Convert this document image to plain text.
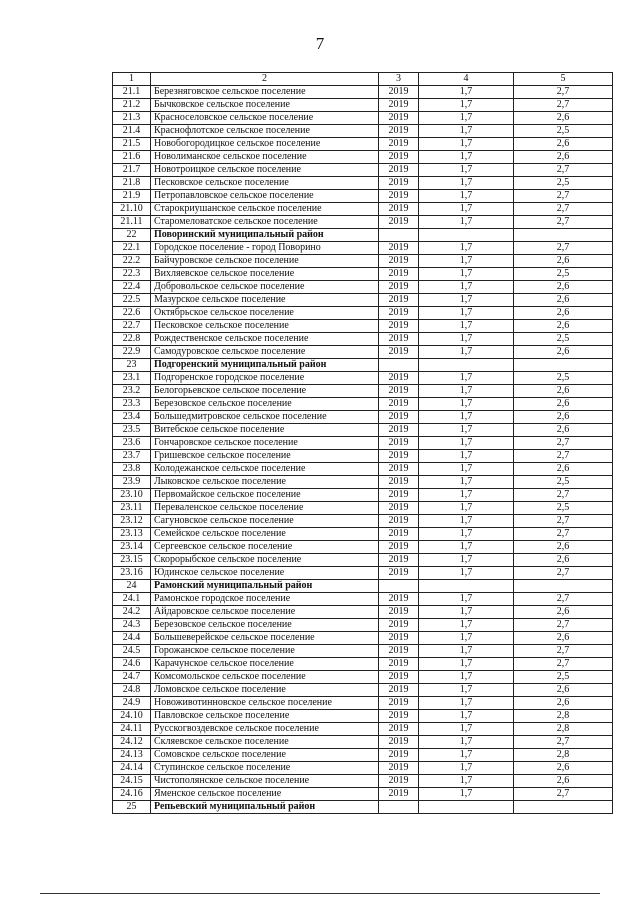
7
1	2	3	4	5
21.1	Березняговское сельское поселение	2019	1,7	2,7
21.2	Бычковское сельское поселение	2019	1,7	2,7
21.3	Красноселовское сельское поселение	2019	1,7	2,6
21.4	Краснофлотское сельское поселение	2019	1,7	2,5
21.5	Новобогородицкое сельское поселение	2019	1,7	2,6
21.6	Новолиманское сельское поселение	2019	1,7	2,6
21.7	Новотроицкое сельское поселение	2019	1,7	2,7
21.8	Песковское сельское поселение	2019	1,7	2,5
21.9	Петропавловское сельское поселение	2019	1,7	2,7
21.10	Старокриушанское сельское поселение	2019	1,7	2,7
21.11	Старомеловатское сельское поселение	2019	1,7	2,7
22	Поворинский муниципальный район			
22.1	Городское поселение - город Поворино	2019	1,7	2,7
22.2	Байчуровское сельское поселение	2019	1,7	2,6
22.3	Вихляевское сельское поселение	2019	1,7	2,5
22.4	Добровольское сельское поселение	2019	1,7	2,6
22.5	Мазурское сельское поселение	2019	1,7	2,6
22.6	Октябрьское сельское поселение	2019	1,7	2,6
22.7	Песковское сельское поселение	2019	1,7	2,6
22.8	Рождественское сельское поселение	2019	1,7	2,5
22.9	Самодуровское сельское поселение	2019	1,7	2,6
23	Подгоренский муниципальный район			
23.1	Подгоренское городское поселение	2019	1,7	2,5
23.2	Белогорьевское сельское поселение	2019	1,7	2,6
23.3	Березовское сельское поселение	2019	1,7	2,6
23.4	Большедмитровское сельское поселение	2019	1,7	2,6
23.5	Витебское сельское поселение	2019	1,7	2,6
23.6	Гончаровское сельское поселение	2019	1,7	2,7
23.7	Гришевское сельское поселение	2019	1,7	2,7
23.8	Колодежанское сельское поселение	2019	1,7	2,6
23.9	Лыковское сельское поселение	2019	1,7	2,5
23.10	Первомайское сельское поселение	2019	1,7	2,7
23.11	Переваленское сельское поселение	2019	1,7	2,5
23.12	Сагуновское сельское поселение	2019	1,7	2,7
23.13	Семейское сельское поселение	2019	1,7	2,7
23.14	Сергеевское сельское поселение	2019	1,7	2,6
23.15	Скорорыбское сельское поселение	2019	1,7	2,6
23.16	Юдинское сельское поселение	2019	1,7	2,7
24	Рамонский муниципальный район			
24.1	Рамонское городское поселение	2019	1,7	2,7
24.2	Айдаровское сельское поселение	2019	1,7	2,6
24.3	Березовское сельское поселение	2019	1,7	2,7
24.4	Большеверейское сельское поселение	2019	1,7	2,6
24.5	Горожанское сельское поселение	2019	1,7	2,7
24.6	Карачунское сельское поселение	2019	1,7	2,7
24.7	Комсомольское сельское поселение	2019	1,7	2,5
24.8	Ломовское сельское поселение	2019	1,7	2,6
24.9	Новоживотинновское сельское поселение	2019	1,7	2,6
24.10	Павловское сельское поселение	2019	1,7	2,8
24.11	Русскогвоздевское сельское поселение	2019	1,7	2,8
24.12	Скляевское сельское поселение	2019	1,7	2,7
24.13	Сомовское сельское поселение	2019	1,7	2,8
24.14	Ступинское сельское поселение	2019	1,7	2,6
24.15	Чистополянское сельское поселение	2019	1,7	2,6
24.16	Яменское сельское поселение	2019	1,7	2,7
25	Репьевский муниципальный район			
